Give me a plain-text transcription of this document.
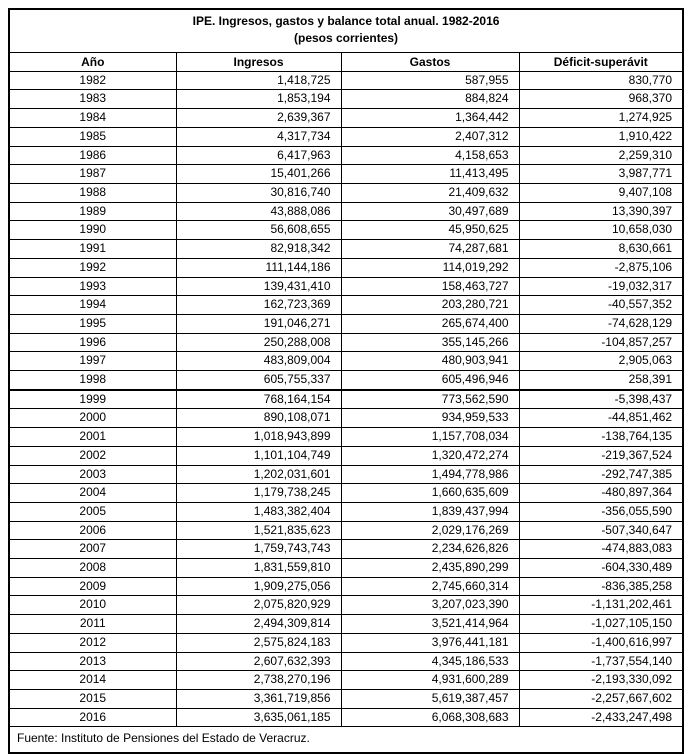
IPE. Ingresos, gastos y balance total anual. 1982-2016
(pesos corrientes)			

Año	Ingresos	Gastos	Déficit-superávit
1982	1,418,725	587,955	830,770
1983	1,853,194	884,824	968,370
1984	2,639,367	1,364,442	1,274,925
1985	4,317,734	2,407,312	1,910,422
1986	6,417,963	4,158,653	2,259,310
1987	15,401,266	11,413,495	3,987,771
1988	30,816,740	21,409,632	9,407,108
1989	43,888,086	30,497,689	13,390,397
1990	56,608,655	45,950,625	10,658,030
1991	82,918,342	74,287,681	8,630,661
1992	111,144,186	114,019,292	-2,875,106
1993	139,431,410	158,463,727	-19,032,317
1994	162,723,369	203,280,721	-40,557,352
1995	191,046,271	265,674,400	-74,628,129
1996	250,288,008	355,145,266	-104,857,257
1997	483,809,004	480,903,941	2,905,063
1998	605,755,337	605,496,946	258,391
1999	768,164,154	773,562,590	-5,398,437
2000	890,108,071	934,959,533	-44,851,462
2001	1,018,943,899	1,157,708,034	-138,764,135
2002	1,101,104,749	1,320,472,274	-219,367,524
2003	1,202,031,601	1,494,778,986	-292,747,385
2004	1,179,738,245	1,660,635,609	-480,897,364
2005	1,483,382,404	1,839,437,994	-356,055,590
2006	1,521,835,623	2,029,176,269	-507,340,647
2007	1,759,743,743	2,234,626,826	-474,883,083
2008	1,831,559,810	2,435,890,299	-604,330,489
2009	1,909,275,056	2,745,660,314	-836,385,258
2010	2,075,820,929	3,207,023,390	-1,131,202,461
2011	2,494,309,814	3,521,414,964	-1,027,105,150
2012	2,575,824,183	3,976,441,181	-1,400,616,997
2013	2,607,632,393	4,345,186,533	-1,737,554,140
2014	2,738,270,196	4,931,600,289	-2,193,330,092
2015	3,361,719,856	5,619,387,457	-2,257,667,602
2016	3,635,061,185	6,068,308,683	-2,433,247,498
Fuente: Instituto de Pensiones del Estado de Veracruz.			
